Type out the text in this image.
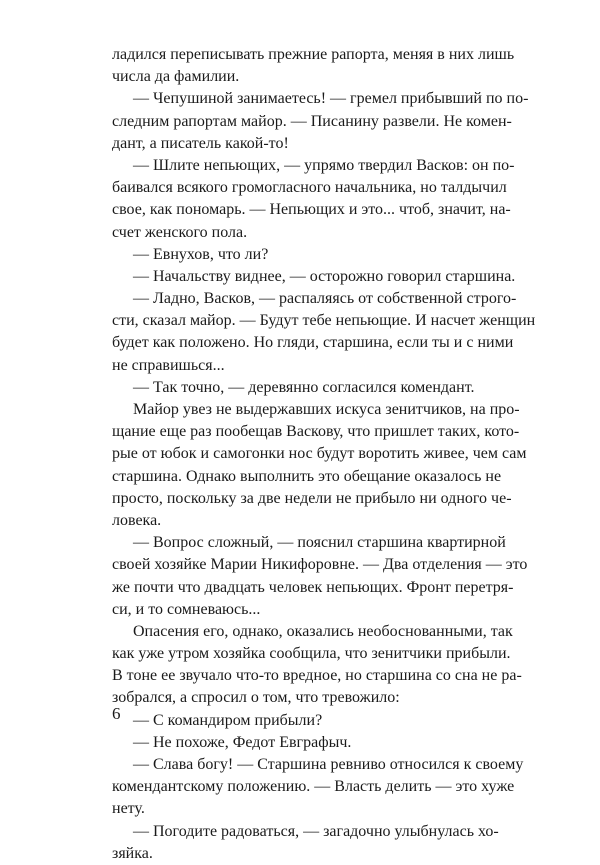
ладился переписывать прежние рапорта, меняя в них лишь
числа да фамилии.
— Чепушиной занимаетесь! — гремел прибывший по по-
следним рапортам майор. — Писанину развели. Не комен-
дант, а писатель какой-то!
— Шлите непьющих, — упрямо твердил Васков: он по-
баивался всякого громогласного начальника, но талдычил
свое, как пономарь. — Непьющих и это... чтоб, значит, на-
счет женского пола.
— Евнухов, что ли?
— Начальству виднее, — осторожно говорил старшина.
— Ладно, Васков, — распаляясь от собственной строго-
сти, сказал майор. — Будут тебе непьющие. И насчет женщин
будет как положено. Но гляди, старшина, если ты и с ними
не справишься...
— Так точно, — деревянно согласился комендант.
Майор увез не выдержавших искуса зенитчиков, на про-
щание еще раз пообещав Васкову, что пришлет таких, кото-
рые от юбок и самогонки нос будут воротить живее, чем сам
старшина. Однако выполнить это обещание оказалось не
просто, поскольку за две недели не прибыло ни одного че-
ловека.
— Вопрос сложный, — пояснил старшина квартирной
своей хозяйке Марии Никифоровне. — Два отделения — это
же почти что двадцать человек непьющих. Фронт перетря-
си, и то сомневаюсь...
Опасения его, однако, оказались необоснованными, так
как уже утром хозяйка сообщила, что зенитчики прибыли.
В тоне ее звучало что-то вредное, но старшина со сна не ра-
зобрался, а спросил о том, что тревожило:
— С командиром прибыли?
— Не похоже, Федот Евграфыч.
— Слава богу! — Старшина ревниво относился к своему
комендантскому положению. — Власть делить — это хуже
нету.
— Погодите радоваться, — загадочно улыбнулась хо-
зяйка.
6
